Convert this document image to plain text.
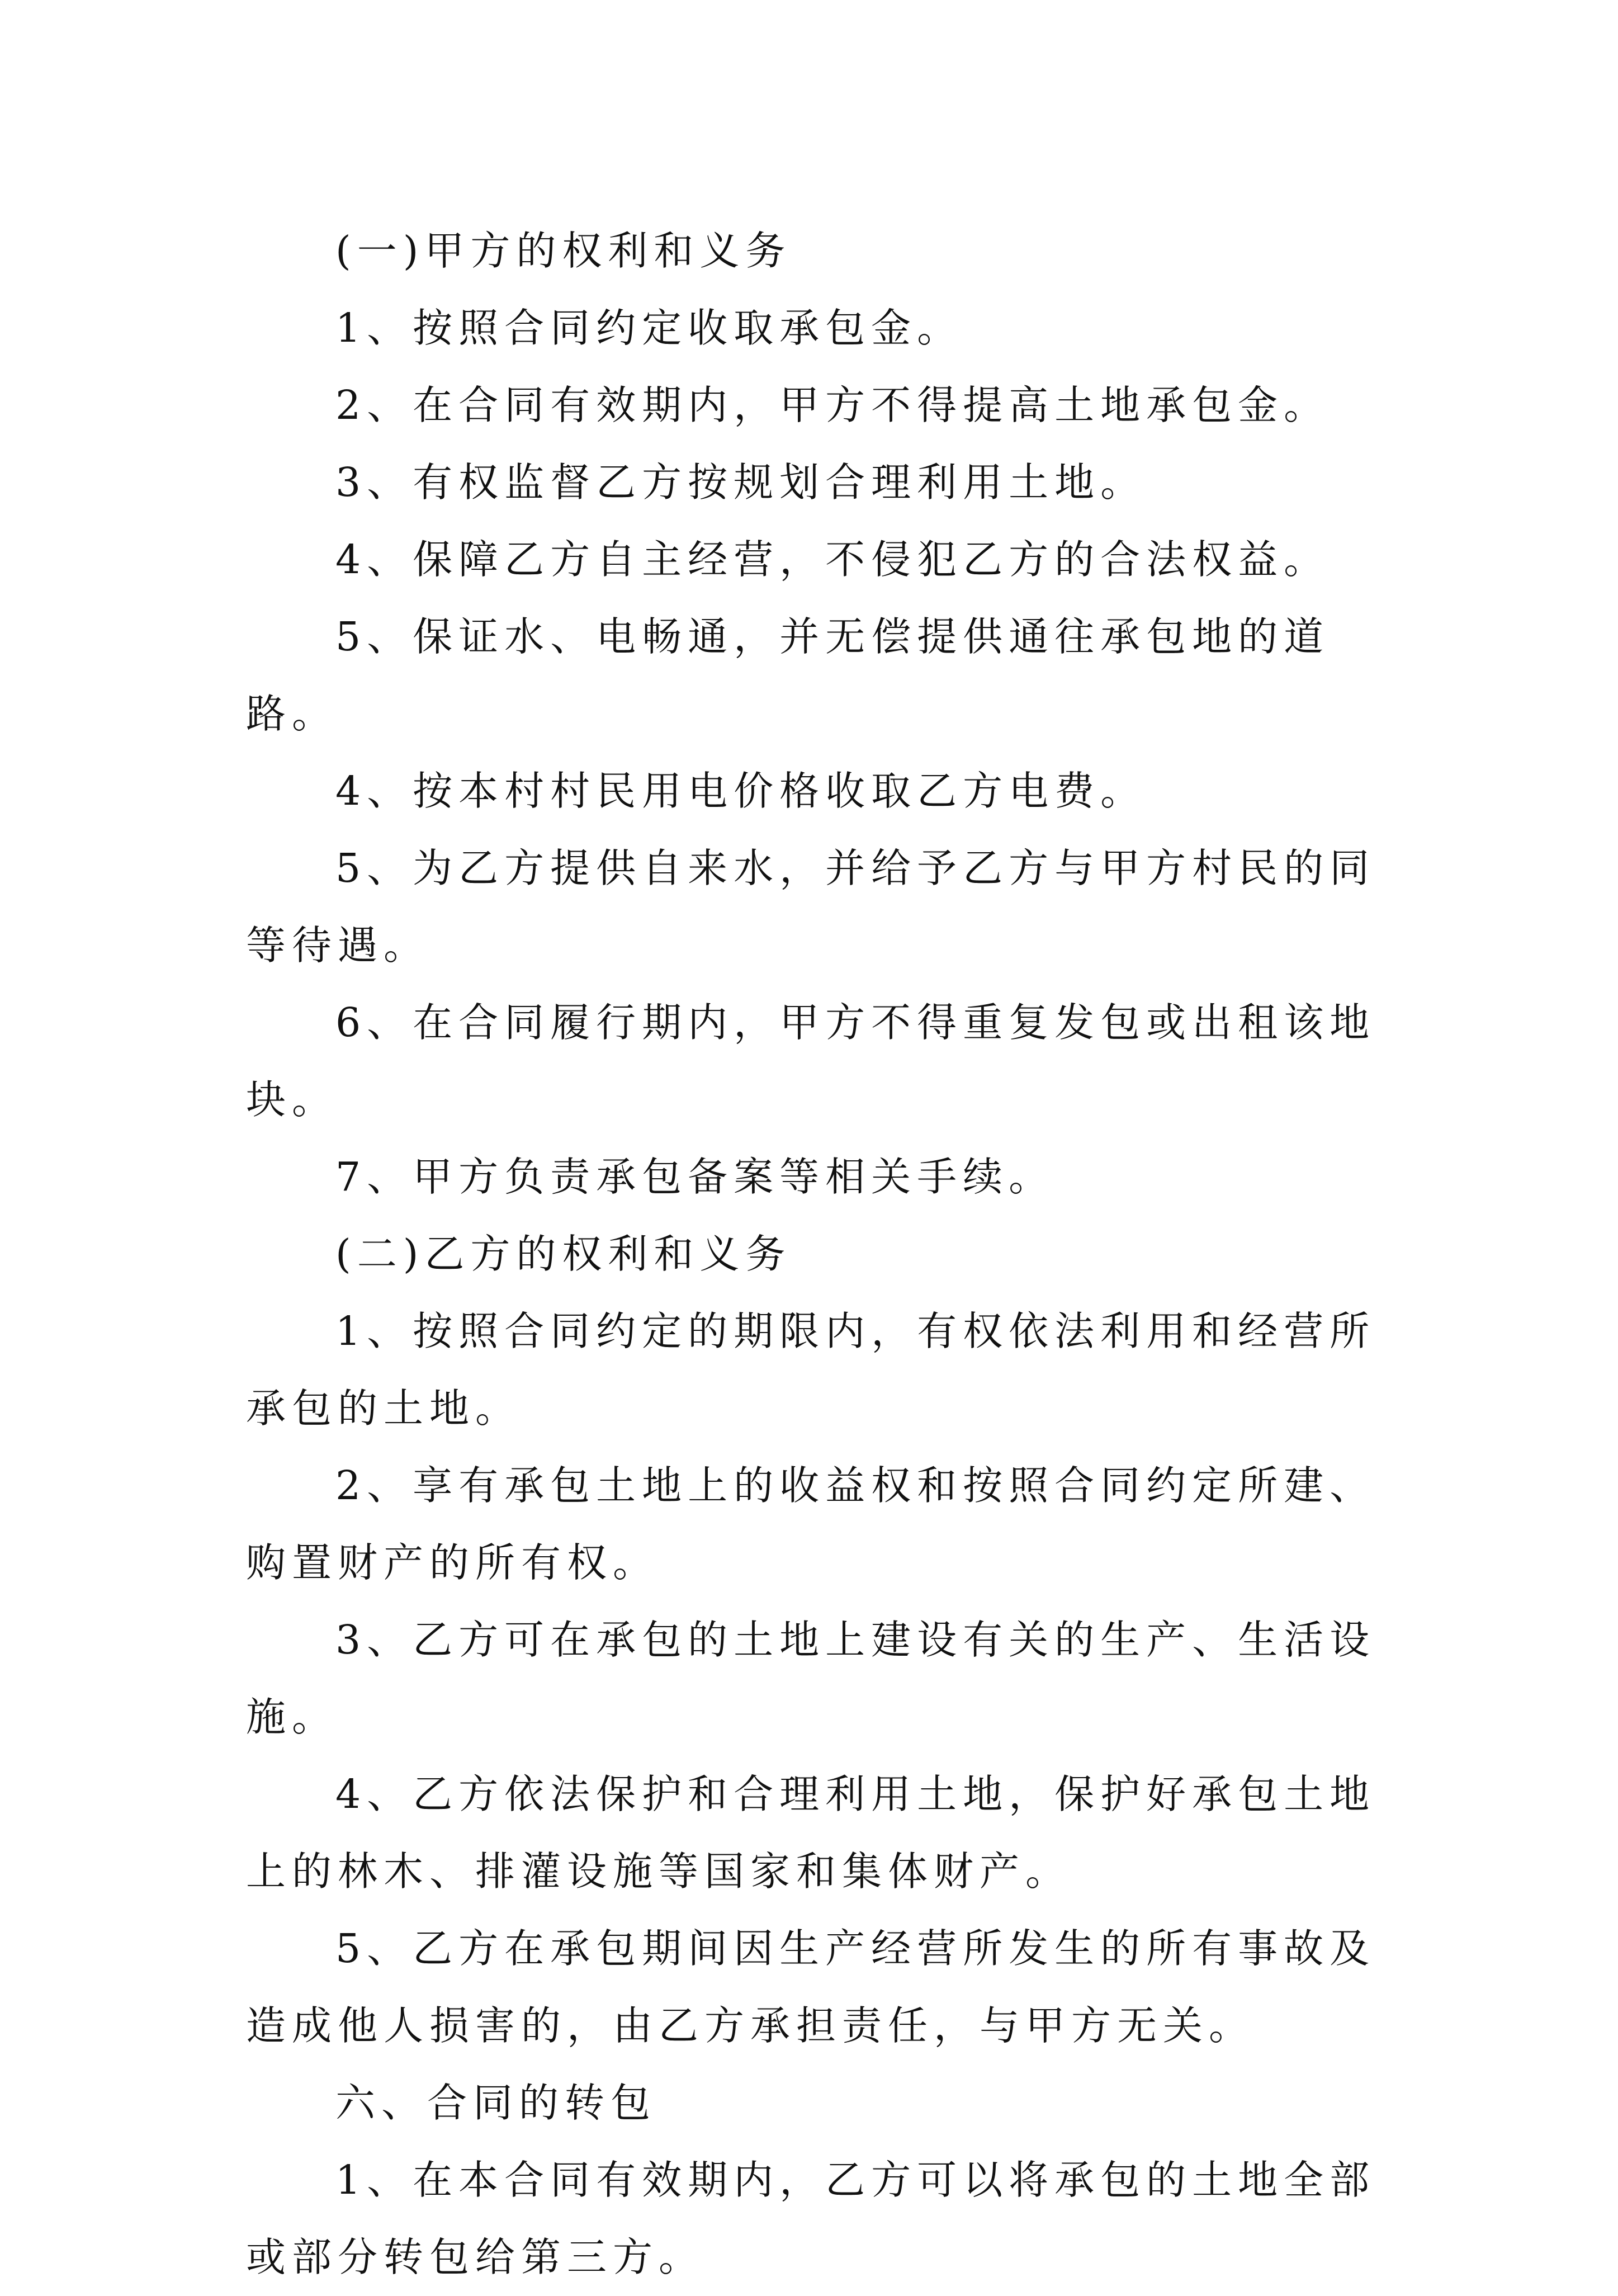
(一)甲方的权利和义务

1、按照合同约定收取承包金。

2、在合同有效期内，甲方不得提高土地承包金。

3、有权监督乙方按规划合理利用土地。

4、保障乙方自主经营，不侵犯乙方的合法权益。

5、保证水、电畅通，并无偿提供通往承包地的道路。

4、按本村村民用电价格收取乙方电费。

5、为乙方提供自来水，并给予乙方与甲方村民的同等待遇。

6、在合同履行期内，甲方不得重复发包或出租该地块。

7、甲方负责承包备案等相关手续。

(二)乙方的权利和义务

1、按照合同约定的期限内，有权依法利用和经营所承包的土地。

2、享有承包土地上的收益权和按照合同约定所建、购置财产的所有权。

3、乙方可在承包的土地上建设有关的生产、生活设施。

4、乙方依法保护和合理利用土地，保护好承包土地上的林木、排灌设施等国家和集体财产。

5、乙方在承包期间因生产经营所发生的所有事故及造成他人损害的，由乙方承担责任，与甲方无关。

六、合同的转包

1、在本合同有效期内，乙方可以将承包的土地全部或部分转包给第三方。
